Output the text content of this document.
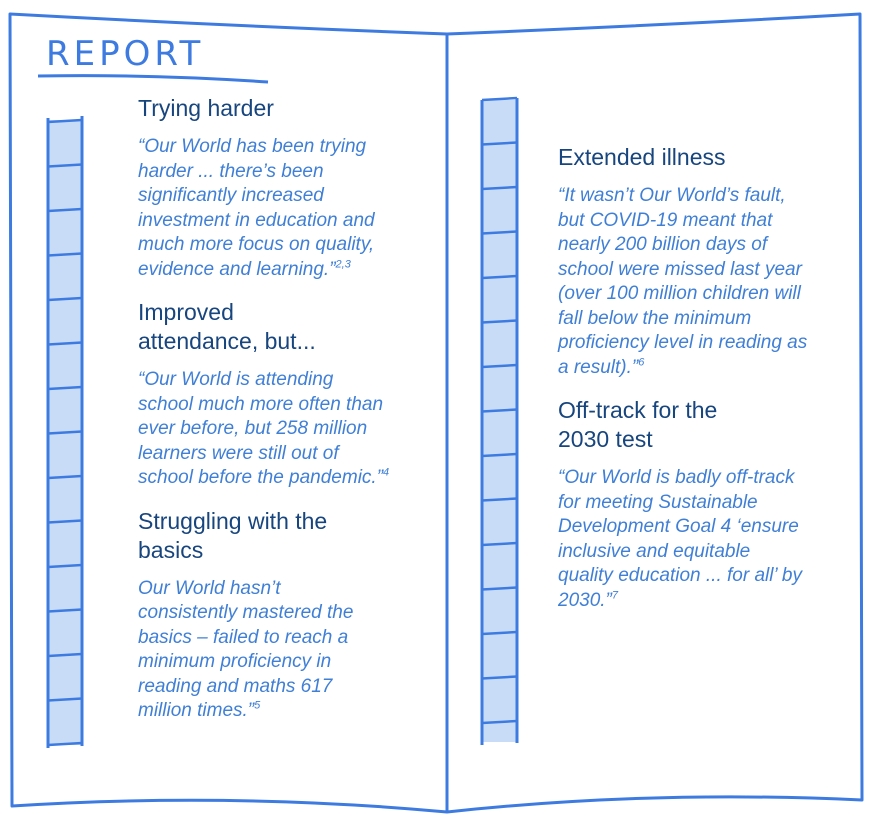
REPORT
Trying harder

“Our World has been trying harder ... there’s been significantly increased investment in education and much more focus on quality, evidence and learning.”$^{2,3}$

Improved attendance, but...

“Our World is attending school much more often than ever before, but 258 million learners were still out of school before the pandemic.”$^4$

Struggling with the basics

Our World hasn’t consistently mastered the basics – failed to reach a minimum proficiency in reading and maths 617 million times.”$^5$

Extended illness

“It wasn’t Our World’s fault, but COVID-19 meant that nearly 200 billion days of school were missed last year (over 100 million children will fall below the minimum proficiency level in reading as a result).”$^6$

Off-track for the 2030 test

“Our World is badly off-track for meeting Sustainable Development Goal 4 ‘ensure inclusive and equitable quality education ... for all’ by 2030.”$^7$
